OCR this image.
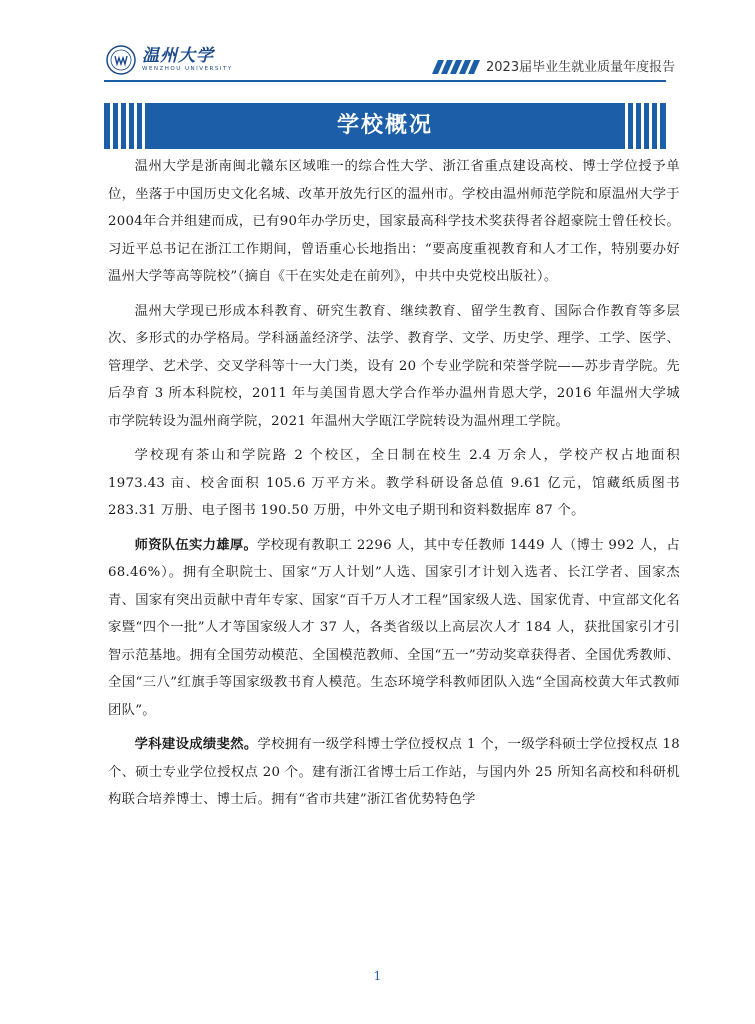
温州大学
WENZHOU UNIVERSITY	2023届毕业生就业质量年度报告
学校概况

温州大学是浙南闽北赣东区域唯一的综合性大学、浙江省重点建设高校、博士学位授予单位，坐落于中国历史文化名城、改革开放先行区的温州市。学校由温州师范学院和原温州大学于2004年合并组建而成，已有90年办学历史，国家最高科学技术奖获得者谷超豪院士曾任校长。习近平总书记在浙江工作期间，曾语重心长地指出：“要高度重视教育和人才工作，特别要办好温州大学等高等院校”（摘自《干在实处走在前列》，中共中央党校出版社）。

温州大学现已形成本科教育、研究生教育、继续教育、留学生教育、国际合作教育等多层次、多形式的办学格局。学科涵盖经济学、法学、教育学、文学、历史学、理学、工学、医学、管理学、艺术学、交叉学科等十一大门类，设有 20 个专业学院和荣誉学院——苏步青学院。先后孕育 3 所本科院校，2011 年与美国肯恩大学合作举办温州肯恩大学，2016 年温州大学城市学院转设为温州商学院，2021 年温州大学瓯江学院转设为温州理工学院。

学校现有茶山和学院路 2 个校区，全日制在校生 2.4 万余人，学校产权占地面积 1973.43 亩、校舍面积 105.6 万平方米。教学科研设备总值 9.61 亿元，馆藏纸质图书 283.31 万册、电子图书 190.50 万册，中外文电子期刊和资料数据库 87 个。

师资队伍实力雄厚。学校现有教职工 2296 人，其中专任教师 1449 人（博士 992 人，占 68.46%）。拥有全职院士、国家“万人计划”人选、国家引才计划入选者、长江学者、国家杰青、国家有突出贡献中青年专家、国家“百千万人才工程”国家级人选、国家优青、中宣部文化名家暨“四个一批”人才等国家级人才 37 人，各类省级以上高层次人才 184 人，获批国家引才引智示范基地。拥有全国劳动模范、全国模范教师、全国“五一”劳动奖章获得者、全国优秀教师、全国“三八”红旗手等国家级教书育人模范。生态环境学科教师团队入选“全国高校黄大年式教师团队”。

学科建设成绩斐然。学校拥有一级学科博士学位授权点 1 个，一级学科硕士学位授权点 18 个、硕士专业学位授权点 20 个。建有浙江省博士后工作站，与国内外 25 所知名高校和科研机构联合培养博士、博士后。拥有“省市共建”浙江省优势特色学

1
